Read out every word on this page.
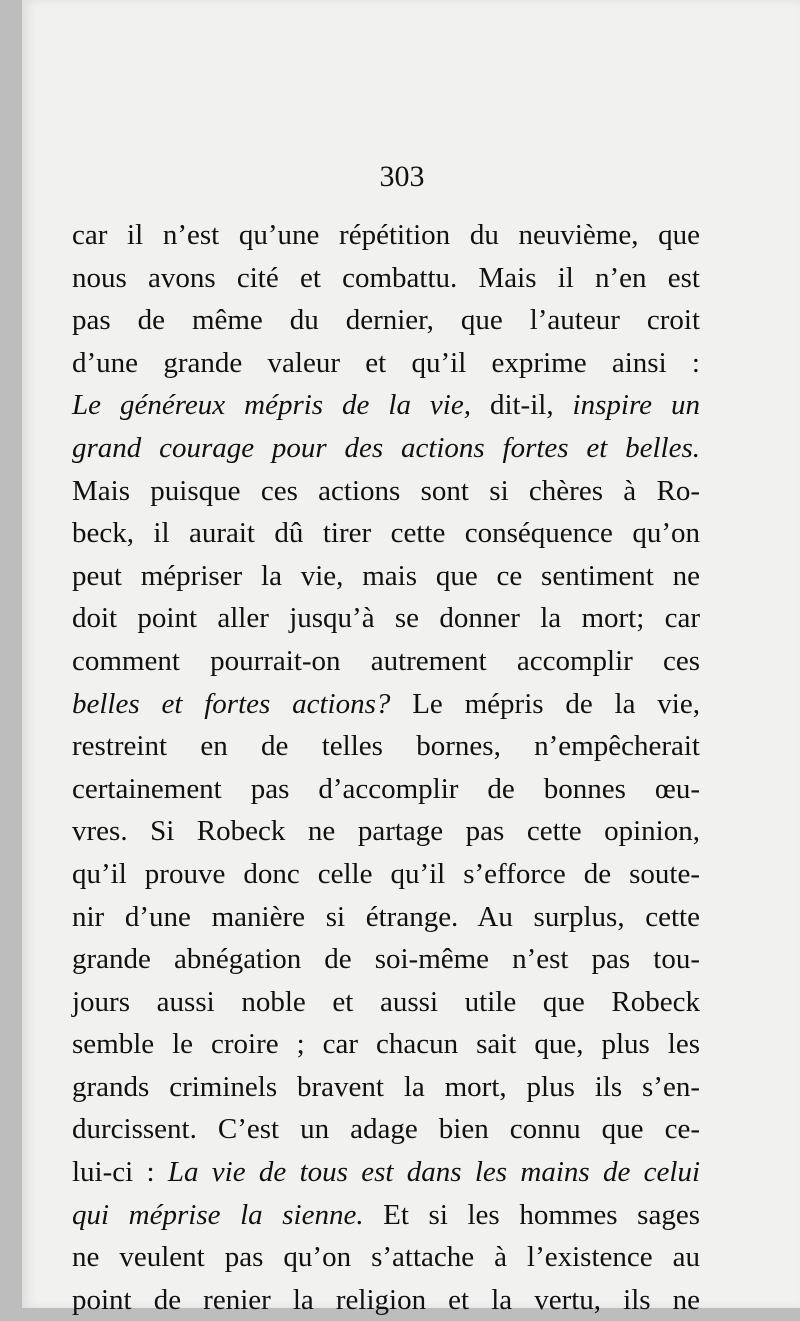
303
car il n’est qu’une répétition du neuvième, que
nous avons cité et combattu. Mais il n’en est
pas de même du dernier, que l’auteur croit
d’une grande valeur et qu’il exprime ainsi :
Le généreux mépris de la vie, dit-il, inspire un
grand courage pour des actions fortes et belles.
Mais puisque ces actions sont si chères à Ro-
beck, il aurait dû tirer cette conséquence qu’on
peut mépriser la vie, mais que ce sentiment ne
doit point aller jusqu’à se donner la mort; car
comment pourrait-on autrement accomplir ces
belles et fortes actions? Le mépris de la vie,
restreint en de telles bornes, n’empêcherait
certainement pas d’accomplir de bonnes œu-
vres. Si Robeck ne partage pas cette opinion,
qu’il prouve donc celle qu’il s’efforce de soute-
nir d’une manière si étrange. Au surplus, cette
grande abnégation de soi-même n’est pas tou-
jours aussi noble et aussi utile que Robeck
semble le croire ; car chacun sait que, plus les
grands criminels bravent la mort, plus ils s’en-
durcissent. C’est un adage bien connu que ce-
lui-ci : La vie de tous est dans les mains de celui
qui méprise la sienne. Et si les hommes sages
ne veulent pas qu’on s’attache à l’existence au
point de renier la religion et la vertu, ils ne
